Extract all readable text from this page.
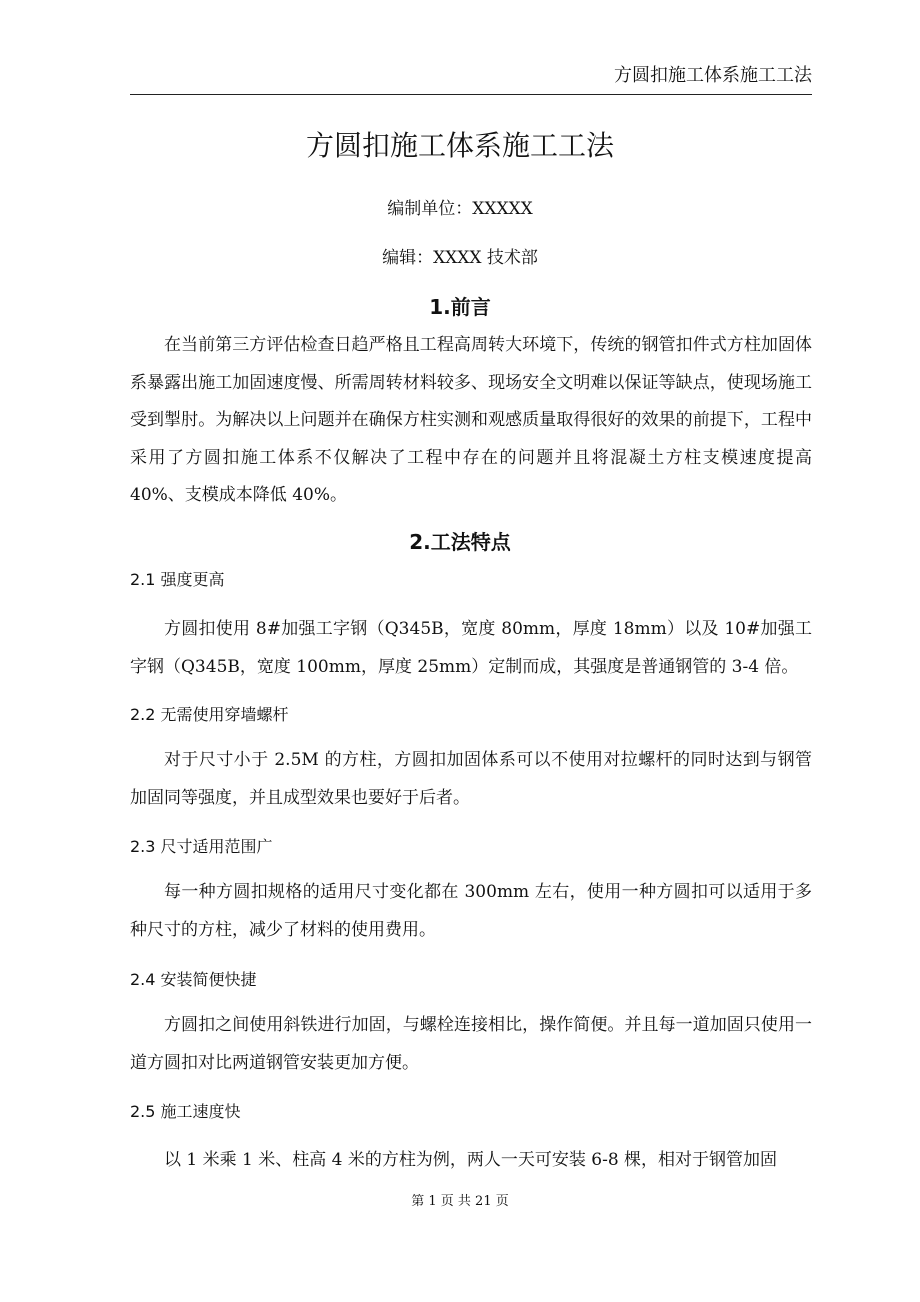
方圆扣施工体系施工工法
方圆扣施工体系施工工法
编制单位：XXXXX
编辑：XXXX 技术部
1.前言

在当前第三方评估检查日趋严格且工程高周转大环境下，传统的钢管扣件式方柱加固体系暴露出施工加固速度慢、所需周转材料较多、现场安全文明难以保证等缺点，使现场施工受到掣肘。为解决以上问题并在确保方柱实测和观感质量取得很好的效果的前提下，工程中采用了方圆扣施工体系不仅解决了工程中存在的问题并且将混凝土方柱支模速度提高 40%、支模成本降低 40%。

2.工法特点
2.1 强度更高

方圆扣使用 8#加强工字钢（Q345B，宽度 80mm，厚度 18mm）以及 10#加强工字钢（Q345B，宽度 100mm，厚度 25mm）定制而成，其强度是普通钢管的 3-4 倍。

2.2 无需使用穿墙螺杆

对于尺寸小于 2.5M 的方柱，方圆扣加固体系可以不使用对拉螺杆的同时达到与钢管加固同等强度，并且成型效果也要好于后者。

2.3 尺寸适用范围广

每一种方圆扣规格的适用尺寸变化都在 300mm 左右，使用一种方圆扣可以适用于多种尺寸的方柱，减少了材料的使用费用。

2.4 安装简便快捷

方圆扣之间使用斜铁进行加固，与螺栓连接相比，操作简便。并且每一道加固只使用一道方圆扣对比两道钢管安装更加方便。

2.5 施工速度快

以 1 米乘 1 米、柱高 4 米的方柱为例，两人一天可安装 6-8 棵，相对于钢管加固

第 1 页 共 21 页
